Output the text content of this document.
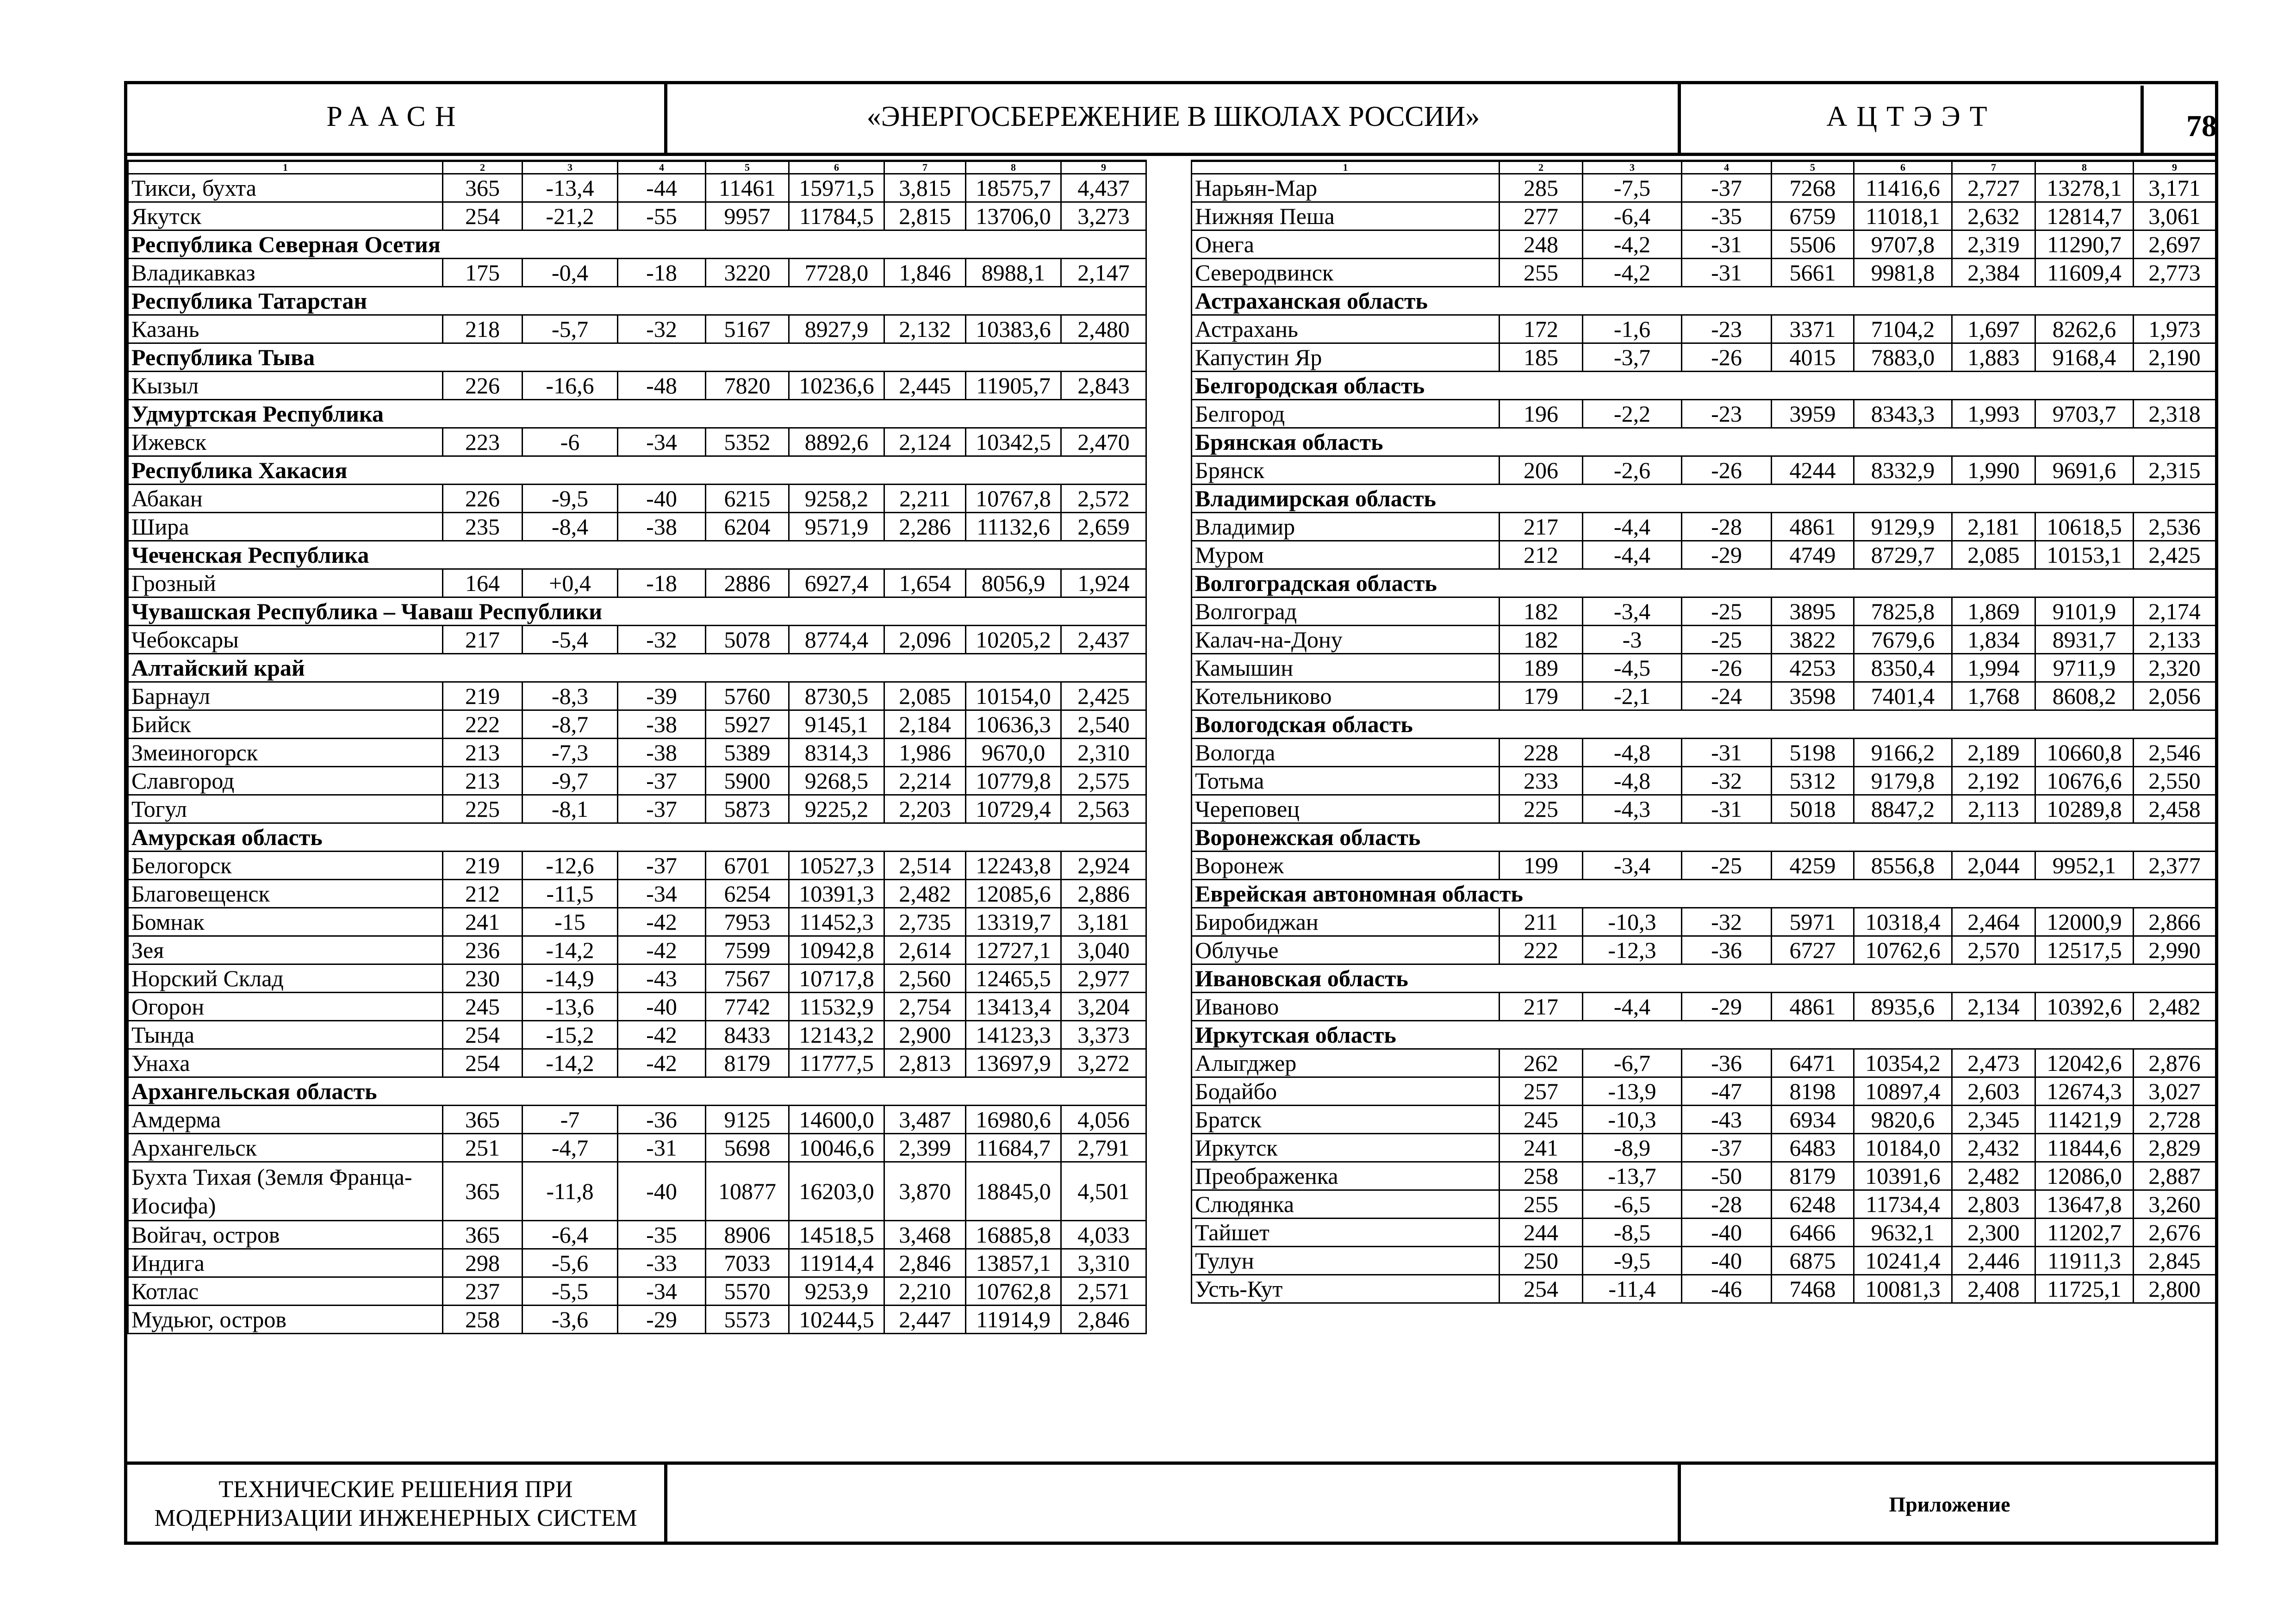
РААСН	«ЭНЕРГОСБЕРЕЖЕНИЕ В ШКОЛАХ РОССИИ»	АЦТЭЭТ	78
1	2	3	4	5	6	7	8	9
Тикси, бухта	365	-13,4	-44	11461	15971,5	3,815	18575,7	4,437
Якутск	254	-21,2	-55	9957	11784,5	2,815	13706,0	3,273
Республика Северная Осетия								
Владикавказ	175	-0,4	-18	3220	7728,0	1,846	8988,1	2,147
Республика Татарстан								
Казань	218	-5,7	-32	5167	8927,9	2,132	10383,6	2,480
Республика Тыва								
Кызыл	226	-16,6	-48	7820	10236,6	2,445	11905,7	2,843
Удмуртская Республика								
Ижевск	223	-6	-34	5352	8892,6	2,124	10342,5	2,470
Республика Хакасия								
Абакан	226	-9,5	-40	6215	9258,2	2,211	10767,8	2,572
Шира	235	-8,4	-38	6204	9571,9	2,286	11132,6	2,659
Чеченская Республика								
Грозный	164	+0,4	-18	2886	6927,4	1,654	8056,9	1,924
Чувашская Республика – Чаваш Республики								
Чебоксары	217	-5,4	-32	5078	8774,4	2,096	10205,2	2,437
Алтайский край								
Барнаул	219	-8,3	-39	5760	8730,5	2,085	10154,0	2,425
Бийск	222	-8,7	-38	5927	9145,1	2,184	10636,3	2,540
Змеиногорск	213	-7,3	-38	5389	8314,3	1,986	9670,0	2,310
Славгород	213	-9,7	-37	5900	9268,5	2,214	10779,8	2,575
Тогул	225	-8,1	-37	5873	9225,2	2,203	10729,4	2,563
Амурская область								
Белогорск	219	-12,6	-37	6701	10527,3	2,514	12243,8	2,924
Благовещенск	212	-11,5	-34	6254	10391,3	2,482	12085,6	2,886
Бомнак	241	-15	-42	7953	11452,3	2,735	13319,7	3,181
Зея	236	-14,2	-42	7599	10942,8	2,614	12727,1	3,040
Норский Склад	230	-14,9	-43	7567	10717,8	2,560	12465,5	2,977
Огорон	245	-13,6	-40	7742	11532,9	2,754	13413,4	3,204
Тында	254	-15,2	-42	8433	12143,2	2,900	14123,3	3,373
Унаха	254	-14,2	-42	8179	11777,5	2,813	13697,9	3,272
Архангельская область								
Амдерма	365	-7	-36	9125	14600,0	3,487	16980,6	4,056
Архангельск	251	-4,7	-31	5698	10046,6	2,399	11684,7	2,791
Бухта Тихая (Земля Франца-Иосифа)	365	-11,8	-40	10877	16203,0	3,870	18845,0	4,501
Войгач, остров	365	-6,4	-35	8906	14518,5	3,468	16885,8	4,033
Индига	298	-5,6	-33	7033	11914,4	2,846	13857,1	3,310
Котлас	237	-5,5	-34	5570	9253,9	2,210	10762,8	2,571
Мудьюг, остров	258	-3,6	-29	5573	10244,5	2,447	11914,9	2,846
1	2	3	4	5	6	7	8	9
Нарьян-Мар	285	-7,5	-37	7268	11416,6	2,727	13278,1	3,171
Нижняя Пеша	277	-6,4	-35	6759	11018,1	2,632	12814,7	3,061
Онега	248	-4,2	-31	5506	9707,8	2,319	11290,7	2,697
Северодвинск	255	-4,2	-31	5661	9981,8	2,384	11609,4	2,773
Астраханская область								
Астрахань	172	-1,6	-23	3371	7104,2	1,697	8262,6	1,973
Капустин Яр	185	-3,7	-26	4015	7883,0	1,883	9168,4	2,190
Белгородская область								
Белгород	196	-2,2	-23	3959	8343,3	1,993	9703,7	2,318
Брянская область								
Брянск	206	-2,6	-26	4244	8332,9	1,990	9691,6	2,315
Владимирская область								
Владимир	217	-4,4	-28	4861	9129,9	2,181	10618,5	2,536
Муром	212	-4,4	-29	4749	8729,7	2,085	10153,1	2,425
Волгоградская область								
Волгоград	182	-3,4	-25	3895	7825,8	1,869	9101,9	2,174
Калач-на-Дону	182	-3	-25	3822	7679,6	1,834	8931,7	2,133
Камышин	189	-4,5	-26	4253	8350,4	1,994	9711,9	2,320
Котельниково	179	-2,1	-24	3598	7401,4	1,768	8608,2	2,056
Вологодская область								
Вологда	228	-4,8	-31	5198	9166,2	2,189	10660,8	2,546
Тотьма	233	-4,8	-32	5312	9179,8	2,192	10676,6	2,550
Череповец	225	-4,3	-31	5018	8847,2	2,113	10289,8	2,458
Воронежская область								
Воронеж	199	-3,4	-25	4259	8556,8	2,044	9952,1	2,377
Еврейская автономная область								
Биробиджан	211	-10,3	-32	5971	10318,4	2,464	12000,9	2,866
Облучье	222	-12,3	-36	6727	10762,6	2,570	12517,5	2,990
Ивановская область								
Иваново	217	-4,4	-29	4861	8935,6	2,134	10392,6	2,482
Иркутская область								
Алыгджер	262	-6,7	-36	6471	10354,2	2,473	12042,6	2,876
Бодайбо	257	-13,9	-47	8198	10897,4	2,603	12674,3	3,027
Братск	245	-10,3	-43	6934	9820,6	2,345	11421,9	2,728
Иркутск	241	-8,9	-37	6483	10184,0	2,432	11844,6	2,829
Преображенка	258	-13,7	-50	8179	10391,6	2,482	12086,0	2,887
Слюдянка	255	-6,5	-28	6248	11734,4	2,803	13647,8	3,260
Тайшет	244	-8,5	-40	6466	9632,1	2,300	11202,7	2,676
Тулун	250	-9,5	-40	6875	10241,4	2,446	11911,3	2,845
Усть-Кут	254	-11,4	-46	7468	10081,3	2,408	11725,1	2,800
ТЕХНИЧЕСКИЕ РЕШЕНИЯ ПРИ
МОДЕРНИЗАЦИИ ИНЖЕНЕРНЫХ СИСТЕМ
Приложение
